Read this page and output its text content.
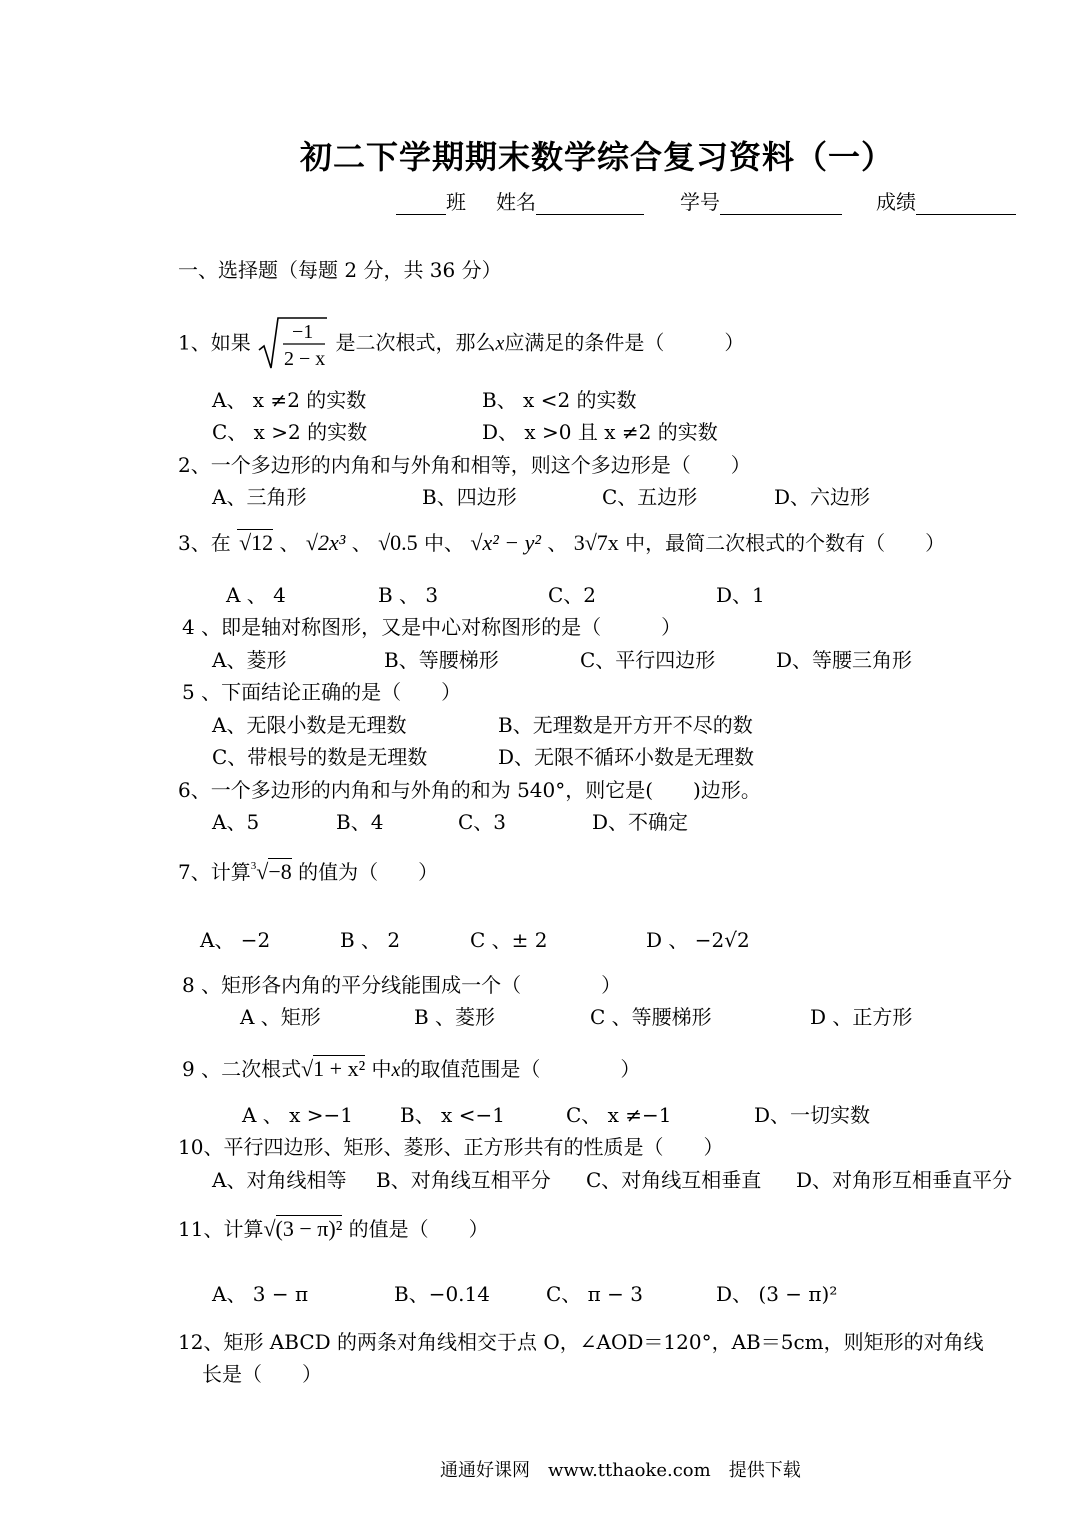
初二下学期期末数学综合复习资料（一）
班 姓名	学号	成绩
一、选择题（每题 2 分，共 36 分）
1、如果 −1
2 − x
是二次根式，那么x应满足的条件是（　　　）
A、 x ≠2 的实数	B、 x <2 的实数
C、 x >2 的实数	D、 x >0 且 x ≠2 的实数
2、一个多边形的内角和与外角和相等，则这个多边形是（　　）
A、三角形	B、四边形	C、五边形	D、六边形
3、在 √12 、 √2x³ 、 √0.5 中、 √x² − y² 、 3√7x 中，最简二次根式的个数有（　　）
A 、 4	B 、 3	C、2	D、1
4 、即是轴对称图形，又是中心对称图形的是（　　　）
A、菱形	B、等腰梯形	C、平行四边形	D、等腰三角形
5 、下面结论正确的是（　　）
A、无限小数是无理数	B、无理数是开方开不尽的数
C、带根号的数是无理数	D、无限不循环小数是无理数
6、一个多边形的内角和与外角的和为 540°，则它是(　　)边形。
A、5	B、4	C、3	D、不确定
7、计算$^3$√−8 的值为（　　）
A、 −2	B 、 2	C 、± 2	D 、 −2√2
8 、矩形各内角的平分线能围成一个（　　　　）
A 、矩形	B 、菱形	C 、等腰梯形	D 、正方形
9 、二次根式√1 + x² 中x的取值范围是（　　　　）
A 、 x >−1 B、 x <−1	C、 x ≠−1	D、一切实数
10、平行四边形、矩形、菱形、正方形共有的性质是（　　）
A、对角线相等 B、对角线互相平分 C、对角线互相垂直 D、对角形互相垂直平分
11、计算√(3 − π)² 的值是（　　）
A、 3 − π	B、−0.14	C、 π − 3	D、 (3 − π)²
12、矩形 ABCD 的两条对角线相交于点 O，∠AOD＝120°，AB＝5cm，则矩形的对角线
长是（　　）
通通好课网　www.tthaoke.com　提供下载
